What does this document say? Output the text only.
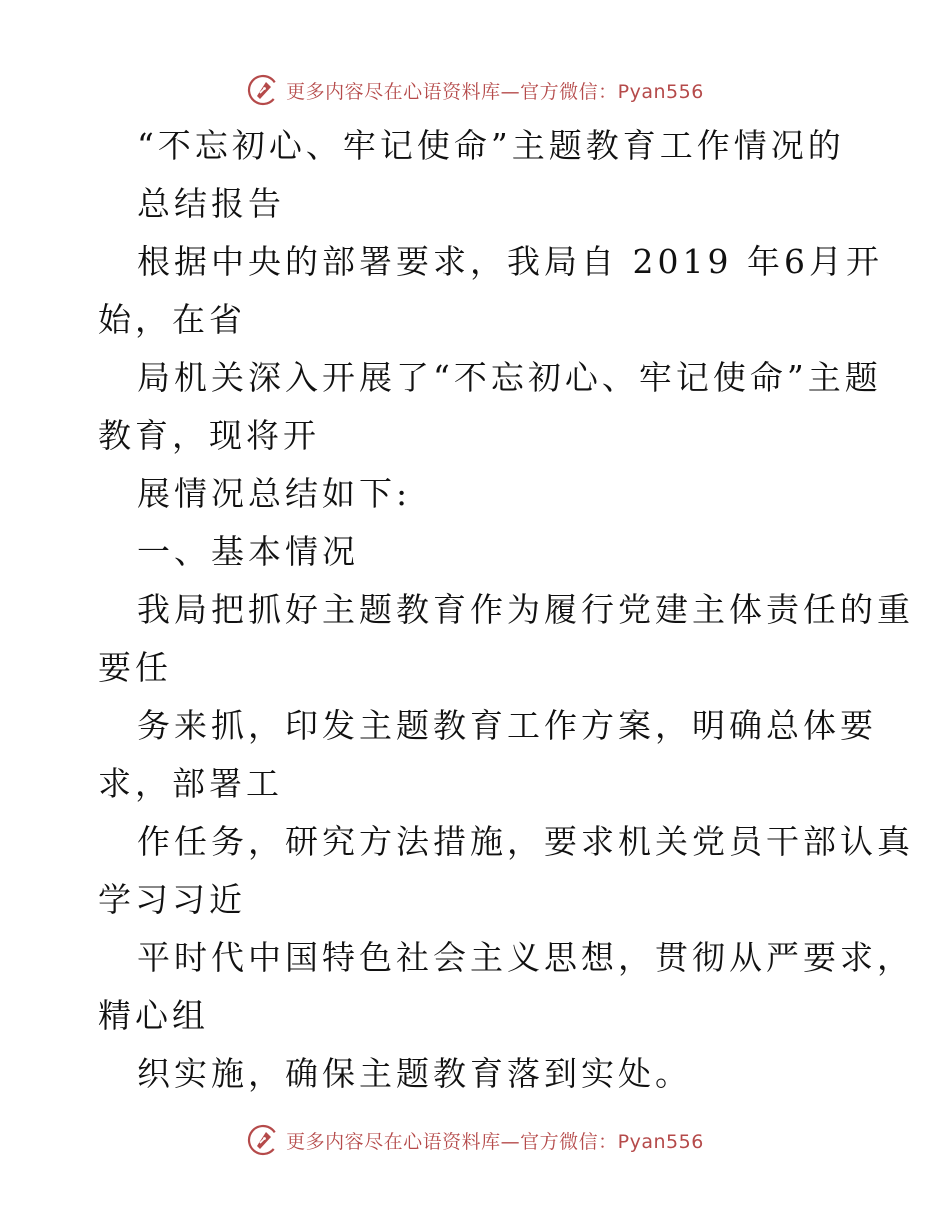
更多内容尽在心语资料库—官方微信：Pyan556
“不忘初心、牢记使命”主题教育工作情况的
总结报告
根据中央的部署要求，我局自 2019 年6月开
始，在省
局机关深入开展了“不忘初心、牢记使命”主题
教育，现将开
展情况总结如下:
一、基本情况
我局把抓好主题教育作为履行党建主体责任的重
要任
务来抓，印发主题教育工作方案，明确总体要
求，部署工
作任务，研究方法措施，要求机关党员干部认真
学习习近
平时代中国特色社会主义思想，贯彻从严要求，
精心组
织实施，确保主题教育落到实处。
更多内容尽在心语资料库—官方微信：Pyan556
